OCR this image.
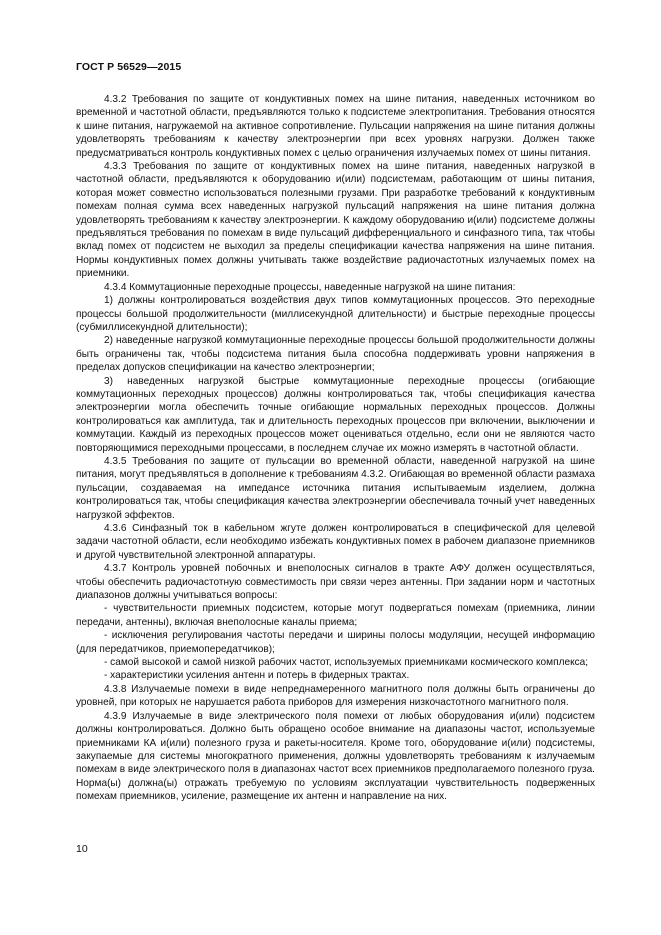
ГОСТ Р 56529—2015

4.3.2 Требования по защите от кондуктивных помех на шине питания, наведенных источником во временной и частотной области, предъявляются только к подсистеме электропитания. Требования относятся к шине питания, нагружаемой на активное сопротивление. Пульсации напряжения на шине питания должны удовлетворять требованиям к качеству электроэнергии при всех уровнях нагрузки. Должен также предусматриваться контроль кондуктивных помех с целью ограничения излучаемых помех от шины питания.

4.3.3 Требования по защите от кондуктивных помех на шине питания, наведенных нагрузкой в частотной области, предъявляются к оборудованию и(или) подсистемам, работающим от шины питания, которая может совместно использоваться полезными грузами. При разработке требований к кондуктивным помехам полная сумма всех наведенных нагрузкой пульсаций напряжения на шине питания должна удовлетворять требованиям к качеству электроэнергии. К каждому оборудованию и(или) подсистеме должны предъявляться требования по помехам в виде пульсаций дифференциального и синфазного типа, так чтобы вклад помех от подсистем не выходил за пределы спецификации качества напряжения на шине питания. Нормы кондуктивных помех должны учитывать также воздействие радиочастотных излучаемых помех на приемники.

4.3.4 Коммутационные переходные процессы, наведенные нагрузкой на шине питания:

1) должны контролироваться воздействия двух типов коммутационных процессов. Это переходные процессы большой продолжительности (миллисекундной длительности) и быстрые переходные процессы (субмиллисекундной длительности);

2) наведенные нагрузкой коммутационные переходные процессы большой продолжительности должны быть ограничены так, чтобы подсистема питания была способна поддерживать уровни напряжения в пределах допусков спецификации на качество электроэнергии;

3) наведенных нагрузкой быстрые коммутационные переходные процессы (огибающие коммутационных переходных процессов) должны контролироваться так, чтобы спецификация качества электроэнергии могла обеспечить точные огибающие нормальных переходных процессов. Должны контролироваться как амплитуда, так и длительность переходных процессов при включении, выключении и коммутации. Каждый из переходных процессов может оцениваться отдельно, если они не являются часто повторяющимися переходными процессами, в последнем случае их можно измерять в частотной области.

4.3.5 Требования по защите от пульсации во временной области, наведенной нагрузкой на шине питания, могут предъявляться в дополнение к требованиям 4.3.2. Огибающая во временной области размаха пульсации, создаваемая на импедансе источника питания испытываемым изделием, должна контролироваться так, чтобы спецификация качества электроэнергии обеспечивала точный учет наведенных нагрузкой эффектов.

4.3.6 Синфазный ток в кабельном жгуте должен контролироваться в специфической для целевой задачи частотной области, если необходимо избежать кондуктивных помех в рабочем диапазоне приемников и другой чувствительной электронной аппаратуры.

4.3.7 Контроль уровней побочных и внеполосных сигналов в тракте АФУ должен осуществляться, чтобы обеспечить радиочастотную совместимость при связи через антенны. При задании норм и частотных диапазонов должны учитываться вопросы:

- чувствительности приемных подсистем, которые могут подвергаться помехам (приемника, линии передачи, антенны), включая внеполосные каналы приема;

- исключения регулирования частоты передачи и ширины полосы модуляции, несущей информацию (для передатчиков, приемопередатчиков);

- самой высокой и самой низкой рабочих частот, используемых приемниками космического комплекса;

- характеристики усиления антенн и потерь в фидерных трактах.

4.3.8 Излучаемые помехи в виде непреднамеренного магнитного поля должны быть ограничены до уровней, при которых не нарушается работа приборов для измерения низкочастотного магнитного поля.

4.3.9 Излучаемые в виде электрического поля помехи от любых оборудования и(или) подсистем должны контролироваться. Должно быть обращено особое внимание на диапазоны частот, используемые приемниками КА и(или) полезного груза и ракеты-носителя. Кроме того, оборудование и(или) подсистемы, закупаемые для системы многократного применения, должны удовлетворять требованиям к излучаемым помехам в виде электрического поля в диапазонах частот всех приемников предполагаемого полезного груза. Норма(ы) должна(ы) отражать требуемую по условиям эксплуатации чувствительность подверженных помехам приемников, усиление, размещение их антенн и направление на них.

10
